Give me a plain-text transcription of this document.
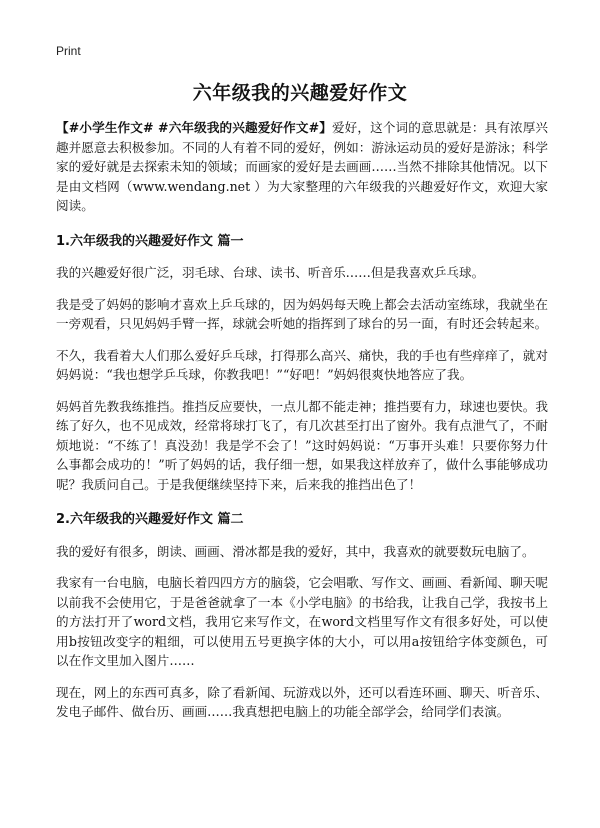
Print
六年级我的兴趣爱好作文

【#小学生作文# #六年级我的兴趣爱好作文#】爱好，这个词的意思就是：具有浓厚兴趣并愿意去积极参加。不同的人有着不同的爱好，例如：游泳运动员的爱好是游泳；科学家的爱好就是去探索未知的领域；而画家的爱好是去画画……当然不排除其他情况。以下是由文档网（www.wendang.net ）为大家整理的六年级我的兴趣爱好作文，欢迎大家阅读。

1.六年级我的兴趣爱好作文 篇一

我的兴趣爱好很广泛，羽毛球、台球、读书、听音乐……但是我喜欢乒乓球。

我是受了妈妈的影响才喜欢上乒乓球的，因为妈妈每天晚上都会去活动室练球，我就坐在一旁观看，只见妈妈手臂一挥，球就会听她的指挥到了球台的另一面，有时还会转起来。

不久，我看着大人们那么爱好乒乓球，打得那么高兴、痛快，我的手也有些痒痒了，就对妈妈说：“我也想学乒乓球，你教我吧！”“好吧！”妈妈很爽快地答应了我。

妈妈首先教我练推挡。推挡反应要快，一点儿都不能走神；推挡要有力，球速也要快。我练了好久，也不见成效，经常将球打飞了，有几次甚至打出了窗外。我有点泄气了，不耐烦地说：“不练了！真没劲！我是学不会了！”这时妈妈说：“万事开头难！只要你努力什么事都会成功的！”听了妈妈的话，我仔细一想，如果我这样放弃了，做什么事能够成功呢？我质问自己。于是我便继续坚持下来，后来我的推挡出色了！

2.六年级我的兴趣爱好作文 篇二

我的爱好有很多，朗读、画画、滑冰都是我的爱好，其中，我喜欢的就要数玩电脑了。

我家有一台电脑，电脑长着四四方方的脑袋，它会唱歌、写作文、画画、看新闻、聊天呢以前我不会使用它，于是爸爸就拿了一本《小学电脑》的书给我，让我自己学，我按书上的方法打开了word文档，我用它来写作文，在word文档里写作文有很多好处，可以使用b按钮改变字的粗细，可以使用五号更换字体的大小，可以用a按钮给字体变颜色，可以在作文里加入图片……

现在，网上的东西可真多，除了看新闻、玩游戏以外，还可以看连环画、聊天、听音乐、发电子邮件、做台历、画画……我真想把电脑上的功能全部学会，给同学们表演。
